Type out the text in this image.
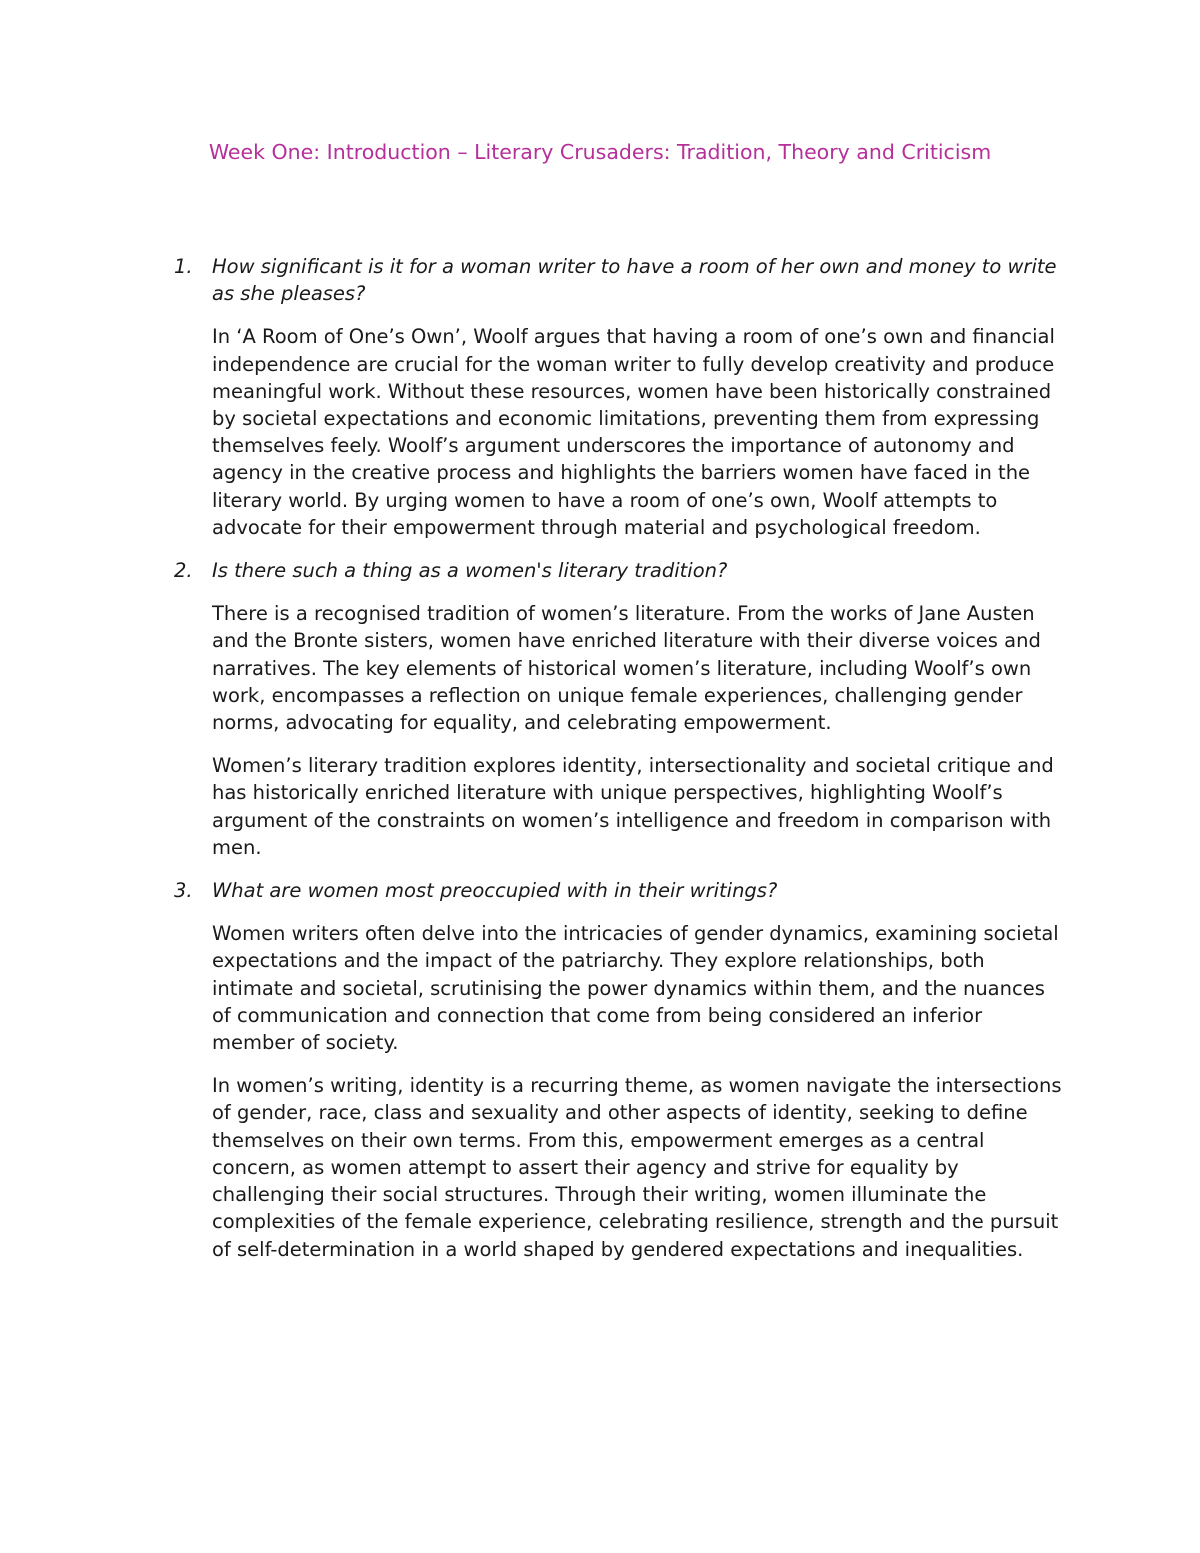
Week One: Introduction – Literary Crusaders: Tradition, Theory and Criticism
1. How significant is it for a woman writer to have a room of her own and money to write as she pleases?

In ‘A Room of One’s Own’, Woolf argues that having a room of one’s own and financial independence are crucial for the woman writer to fully develop creativity and produce meaningful work. Without these resources, women have been historically constrained by societal expectations and economic limitations, preventing them from expressing themselves feely. Woolf’s argument underscores the importance of autonomy and agency in the creative process and highlights the barriers women have faced in the literary world. By urging women to have a room of one’s own, Woolf attempts to advocate for their empowerment through material and psychological freedom.

2. Is there such a thing as a women's literary tradition?

There is a recognised tradition of women’s literature. From the works of Jane Austen and the Bronte sisters, women have enriched literature with their diverse voices and narratives. The key elements of historical women’s literature, including Woolf’s own work, encompasses a reflection on unique female experiences, challenging gender norms, advocating for equality, and celebrating empowerment.

Women’s literary tradition explores identity, intersectionality and societal critique and has historically enriched literature with unique perspectives, highlighting Woolf’s argument of the constraints on women’s intelligence and freedom in comparison with men.

3. What are women most preoccupied with in their writings?

Women writers often delve into the intricacies of gender dynamics, examining societal expectations and the impact of the patriarchy. They explore relationships, both intimate and societal, scrutinising the power dynamics within them, and the nuances of communication and connection that come from being considered an inferior member of society.

In women’s writing, identity is a recurring theme, as women navigate the intersections of gender, race, class and sexuality and other aspects of identity, seeking to define themselves on their own terms. From this, empowerment emerges as a central concern, as women attempt to assert their agency and strive for equality by challenging their social structures. Through their writing, women illuminate the complexities of the female experience, celebrating resilience, strength and the pursuit of self-determination in a world shaped by gendered expectations and inequalities.
